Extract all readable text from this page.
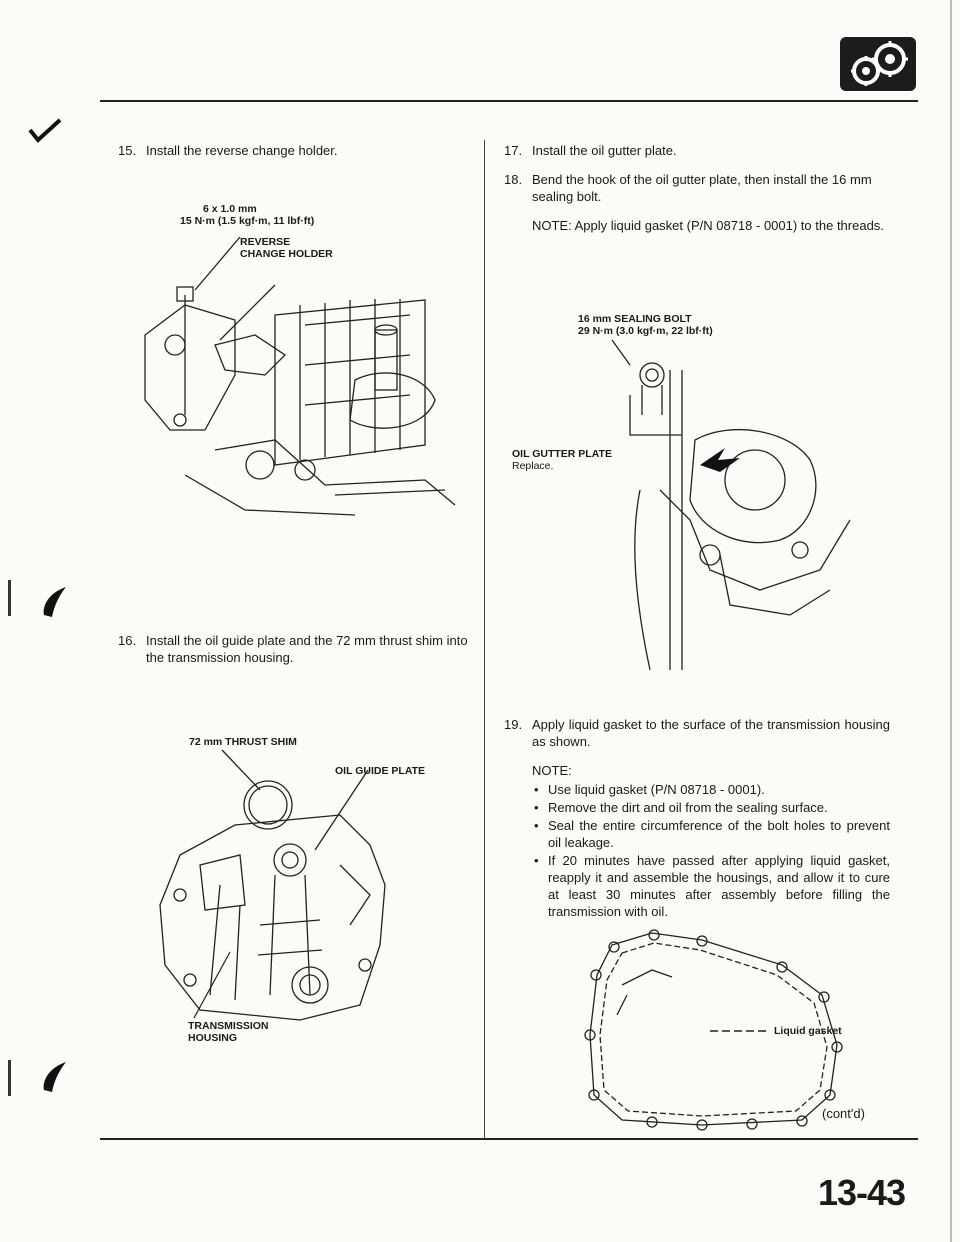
15. Install the reverse change holder.
6 x 1.0 mm
15 N·m (1.5 kgf·m, 11 lbf·ft)
REVERSE
CHANGE HOLDER
16. Install the oil guide plate and the 72 mm thrust shim into the transmission housing.
72 mm THRUST SHIM
OIL GUIDE PLATE
TRANSMISSION
HOUSING
17. Install the oil gutter plate.
18. Bend the hook of the oil gutter plate, then install the 16 mm sealing bolt.
NOTE: Apply liquid gasket (P/N 08718 - 0001) to the threads.
16 mm SEALING BOLT
29 N·m (3.0 kgf·m, 22 lbf·ft)
OIL GUTTER PLATE
Replace.
19. Apply liquid gasket to the surface of the transmission housing as shown.
NOTE:
• Use liquid gasket (P/N 08718 - 0001).
• Remove the dirt and oil from the sealing surface.
• Seal the entire circumference of the bolt holes to prevent oil leakage.
• If 20 minutes have passed after applying liquid gasket, reapply it and assemble the housings, and allow it to cure at least 30 minutes after assembly before filling the transmission with oil.
Liquid gasket
(cont'd)
13-43
